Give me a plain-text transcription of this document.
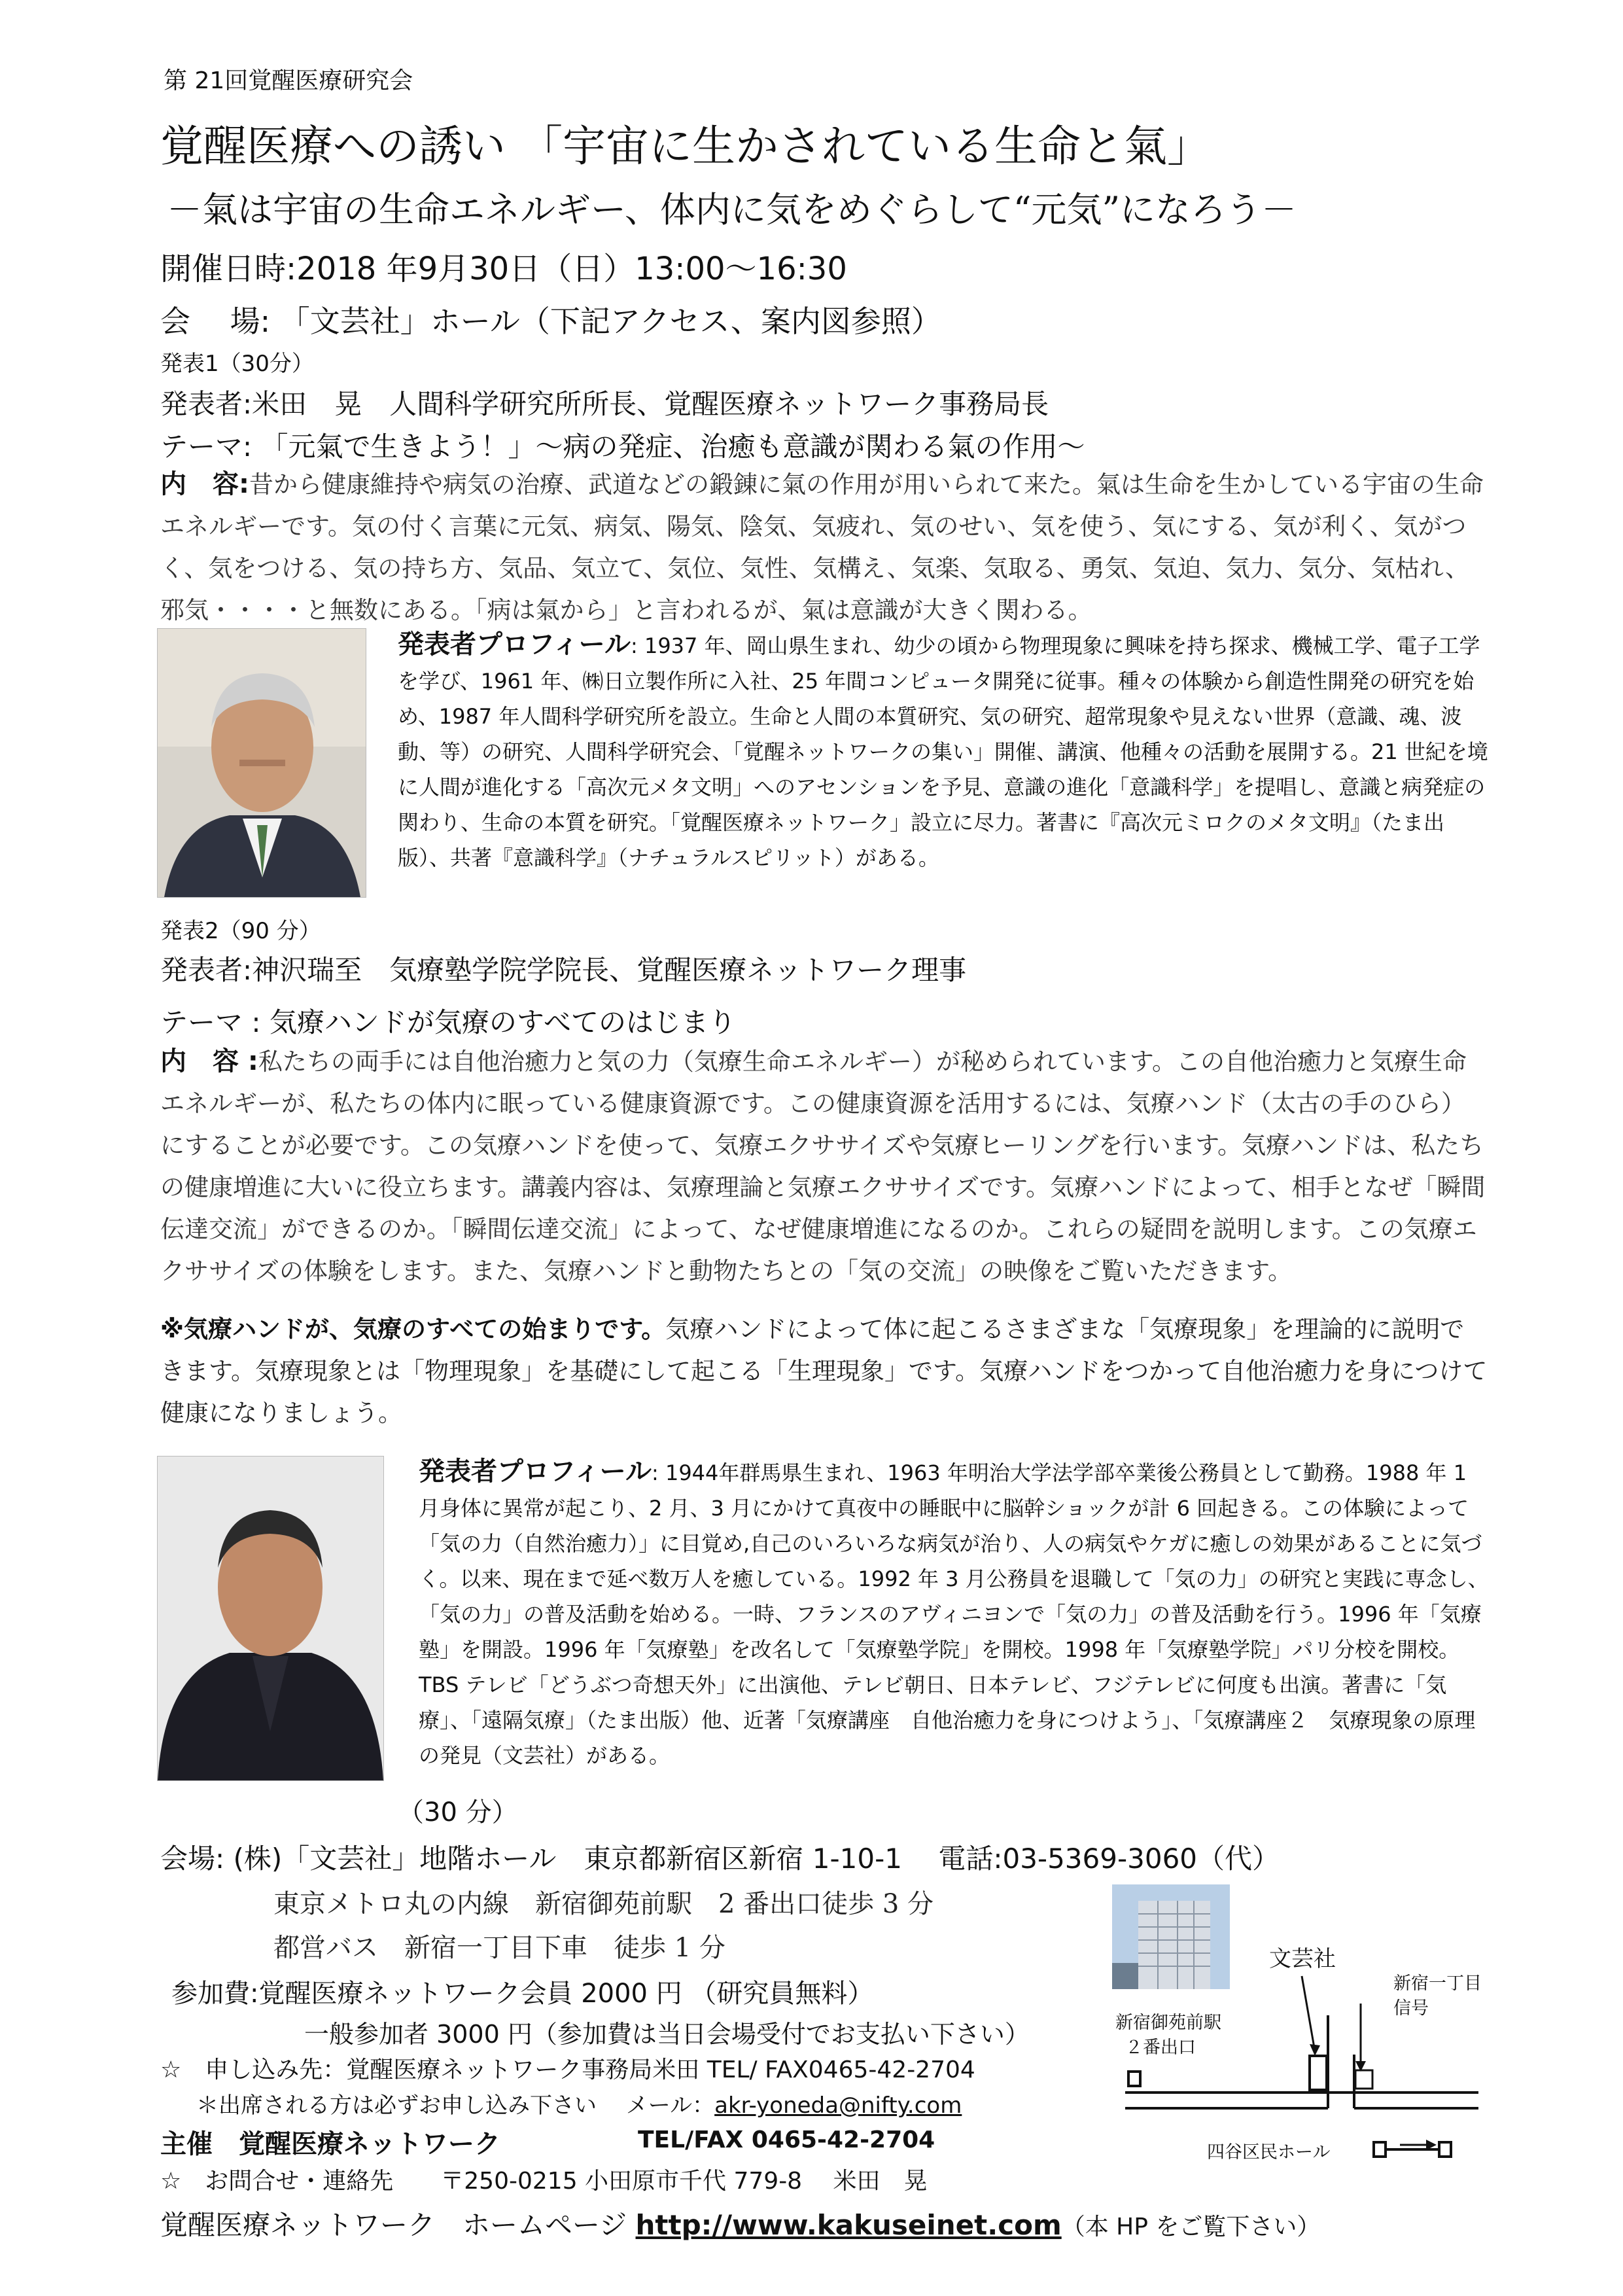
第 21回覚醒医療研究会
覚醒医療への誘い 「宇宙に生かされている生命と氣」
－氣は宇宙の生命エネルギー、体内に気をめぐらして“元気”になろう－
開催日時:2018 年9月30日（日）13:00～16:30
会　 場: 「文芸社」ホール（下記アクセス、案内図参照）
発表1（30分）
発表者:米田　晃　人間科学研究所所長、覚醒医療ネットワーク事務局長
テーマ: 「元氣で生きよう！」～病の発症、治癒も意識が関わる氣の作用～
内　容:昔から健康維持や病気の治療、武道などの鍛錬に氣の作用が用いられて来た。氣は生命を生かしている宇宙の生命エネルギーです。気の付く言葉に元気、病気、陽気、陰気、気疲れ、気のせい、気を使う、気にする、気が利く、気がつく、気をつける、気の持ち方、気品、気立て、気位、気性、気構え、気楽、気取る、勇気、気迫、気力、気分、気枯れ、邪気・・・・と無数にある。「病は氣から」と言われるが、氣は意識が大きく関わる。
発表者プロフィール: 1937 年、岡山県生まれ、幼少の頃から物理現象に興味を持ち探求、機械工学、電子工学を学び、1961 年、㈱日立製作所に入社、25 年間コンピュータ開発に従事。種々の体験から創造性開発の研究を始め、1987 年人間科学研究所を設立。生命と人間の本質研究、気の研究、超常現象や見えない世界（意識、魂、波動、等）の研究、人間科学研究会、「覚醒ネットワークの集い」開催、講演、他種々の活動を展開する。21 世紀を境に人間が進化する「高次元メタ文明」へのアセンションを予見、意識の進化「意識科学」を提唱し、意識と病発症の関わり、生命の本質を研究。「覚醒医療ネットワーク」設立に尽力。著書に『高次元ミロクのメタ文明』（たま出版）、共著『意識科学』（ナチュラルスピリット）がある。
発表2（90 分）
発表者:神沢瑞至　気療塾学院学院長、覚醒医療ネットワーク理事
テーマ : 気療ハンドが気療のすべてのはじまり
内　容 :私たちの両手には自他治癒力と気の力（気療生命エネルギー）が秘められています。この自他治癒力と気療生命エネルギーが、私たちの体内に眠っている健康資源です。この健康資源を活用するには、気療ハンド（太古の手のひら）にすることが必要です。この気療ハンドを使って、気療エクササイズや気療ヒーリングを行います。気療ハンドは、私たちの健康増進に大いに役立ちます。講義内容は、気療理論と気療エクササイズです。気療ハンドによって、相手となぜ「瞬間伝達交流」ができるのか。「瞬間伝達交流」によって、なぜ健康増進になるのか。これらの疑問を説明します。この気療エクササイズの体験をします。また、気療ハンドと動物たちとの「気の交流」の映像をご覧いただきます。
※気療ハンドが、気療のすべての始まりです。気療ハンドによって体に起こるさまざまな「気療現象」を理論的に説明できます。気療現象とは「物理現象」を基礎にして起こる「生理現象」です。気療ハンドをつかって自他治癒力を身につけて健康になりましょう。
発表者プロフィール: 1944年群馬県生まれ、1963 年明治大学法学部卒業後公務員として勤務。1988 年 1 月身体に異常が起こり、2 月、3 月にかけて真夜中の睡眠中に脳幹ショックが計 6 回起きる。この体験によって「気の力（自然治癒力）」に目覚め,自己のいろいろな病気が治り、人の病気やケガに癒しの効果があることに気づく。以来、現在まで延べ数万人を癒している。1992 年 3 月公務員を退職して「気の力」の研究と実践に専念し、「気の力」の普及活動を始める。一時、フランスのアヴィニヨンで「気の力」の普及活動を行う。1996 年「気療塾」を開設。1996 年「気療塾」を改名して「気療塾学院」を開校。1998 年「気療塾学院」パリ分校を開校。TBS テレビ「どうぶつ奇想天外」に出演他、テレビ朝日、日本テレビ、フジテレビに何度も出演。著書に「気療」、「遠隔気療」（たま出版）他、近著「気療講座　自他治癒力を身につけよう」、「気療講座２　気療現象の原理の発見（文芸社）がある。
（30 分）
会場: (株)「文芸社」地階ホール　東京都新宿区新宿 1-10-1　 電話:03-5369-3060（代）
東京メトロ丸の内線　新宿御苑前駅　2 番出口徒歩 3 分
都営バス　新宿一丁目下車　徒歩 1 分
参加費:覚醒医療ネットワーク会員 2000 円 （研究員無料）
一般参加者 3000 円（参加費は当日会場受付でお支払い下さい）
☆　申し込み先：覚醒医療ネットワーク事務局米田 TEL/ FAX0465-42-2704
＊出席される方は必ずお申し込み下さい　 メール：akr-yoneda@nifty.com
主催　覚醒医療ネットワーク	TEL/FAX 0465-42-2704
☆　お問合せ・連絡先　　〒250-0215 小田原市千代 779-8　 米田　晃
覚醒医療ネットワーク　ホームページ http://www.kakuseinet.com（本 HP をご覧下さい）
文芸社
新宿御苑前駅
２番出口
新宿一丁目
信号
四谷区民ホール
